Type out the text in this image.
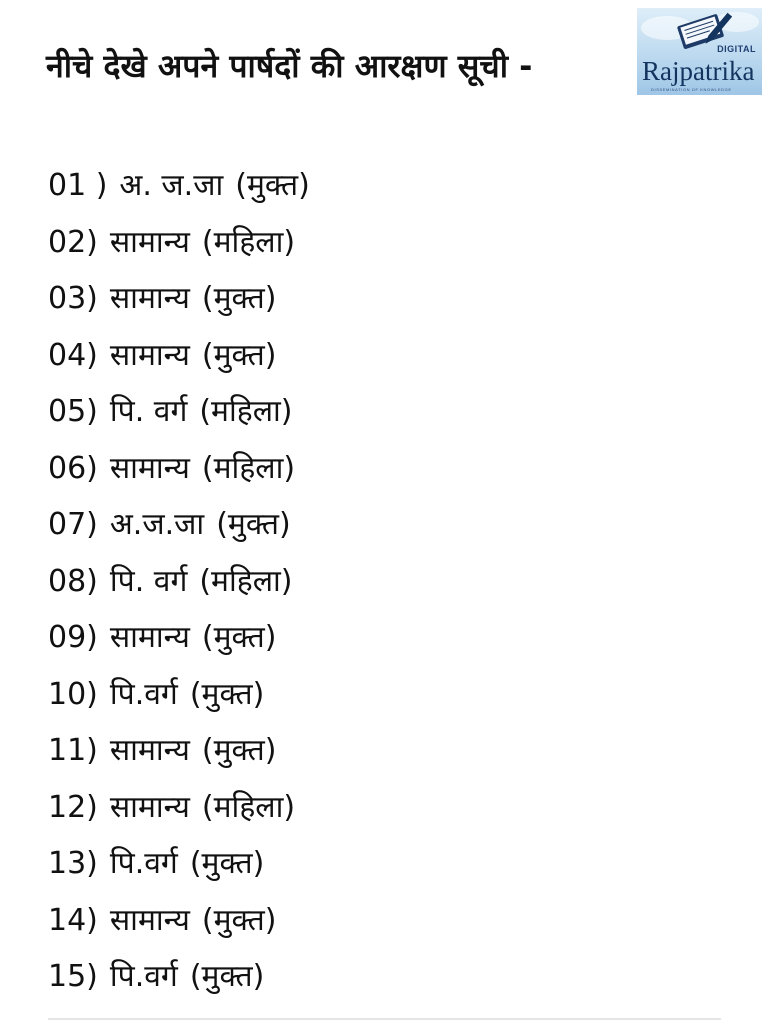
नीचे देखे अपने पार्षदों की आरक्षण सूची -	DIGITAL
Rajpatrika
DISSEMINATION OF KNOWLEDGE
01 ) अ. ज.जा (मुक्त)
02) सामान्य (महिला)
03) सामान्य (मुक्त)
04) सामान्य (मुक्त)
05) पि. वर्ग (महिला)
06) सामान्य (महिला)
07) अ.ज.जा (मुक्त)
08) पि. वर्ग (महिला)
09) सामान्य (मुक्त)
10) पि.वर्ग (मुक्त)
11) सामान्य (मुक्त)
12) सामान्य (महिला)
13) पि.वर्ग (मुक्त)
14) सामान्य (मुक्त)
15) पि.वर्ग (मुक्त)
